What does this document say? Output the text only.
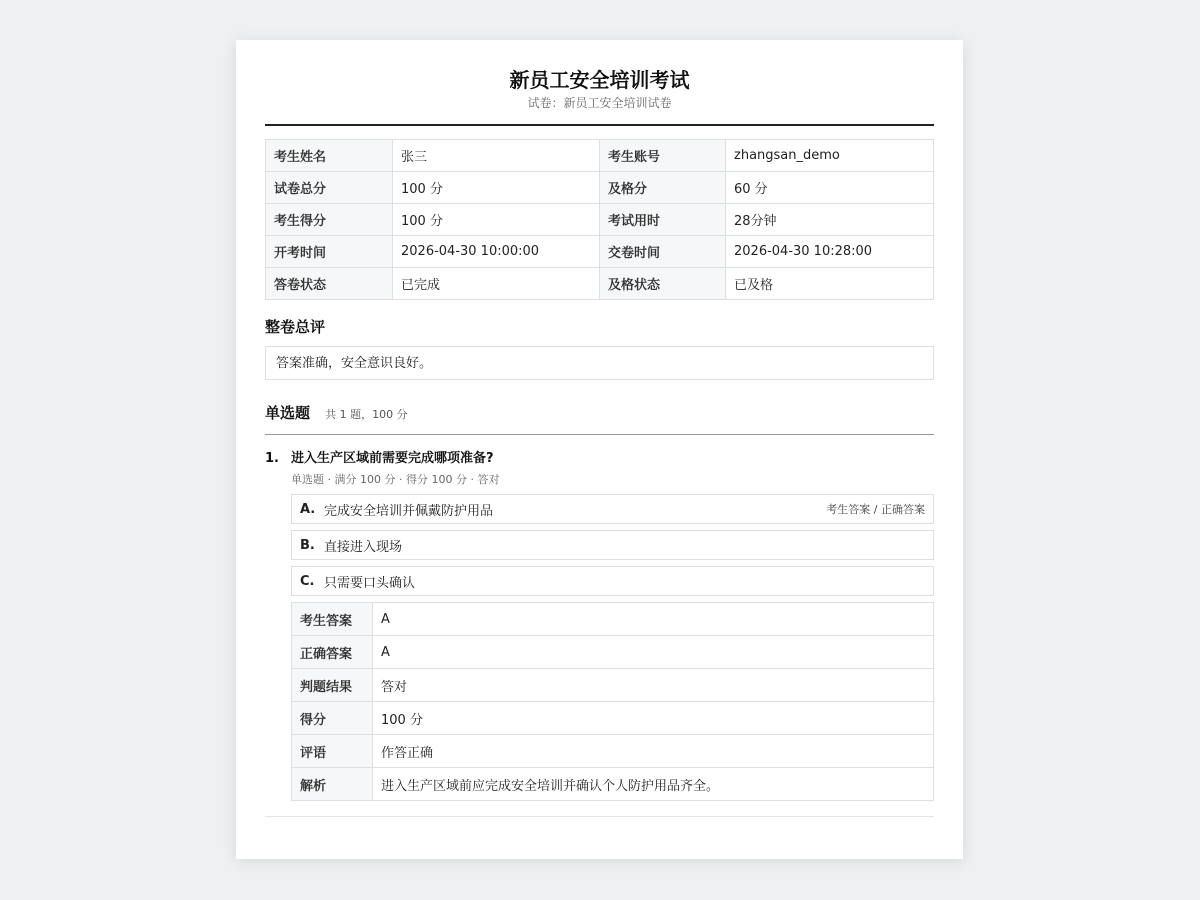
新员工安全培训考试
试卷：新员工安全培训试卷
考生姓名	张三	考生账号	zhangsan_demo
试卷总分	100 分	及格分	60 分
考生得分	100 分	考试用时	28分钟
开考时间	2026-04-30 10:00:00	交卷时间	2026-04-30 10:28:00
答卷状态	已完成	及格状态	已及格
整卷总评
答案准确，安全意识良好。
单选题 共 1 题，100 分
1. 进入生产区域前需要完成哪项准备?
单选题 · 满分 100 分 · 得分 100 分 · 答对
A. 完成安全培训并佩戴防护用品	考生答案 / 正确答案
B. 直接进入现场
C. 只需要口头确认
考生答案	A
正确答案	A
判题结果	答对
得分	100 分
评语	作答正确
解析	进入生产区域前应完成安全培训并确认个人防护用品齐全。
